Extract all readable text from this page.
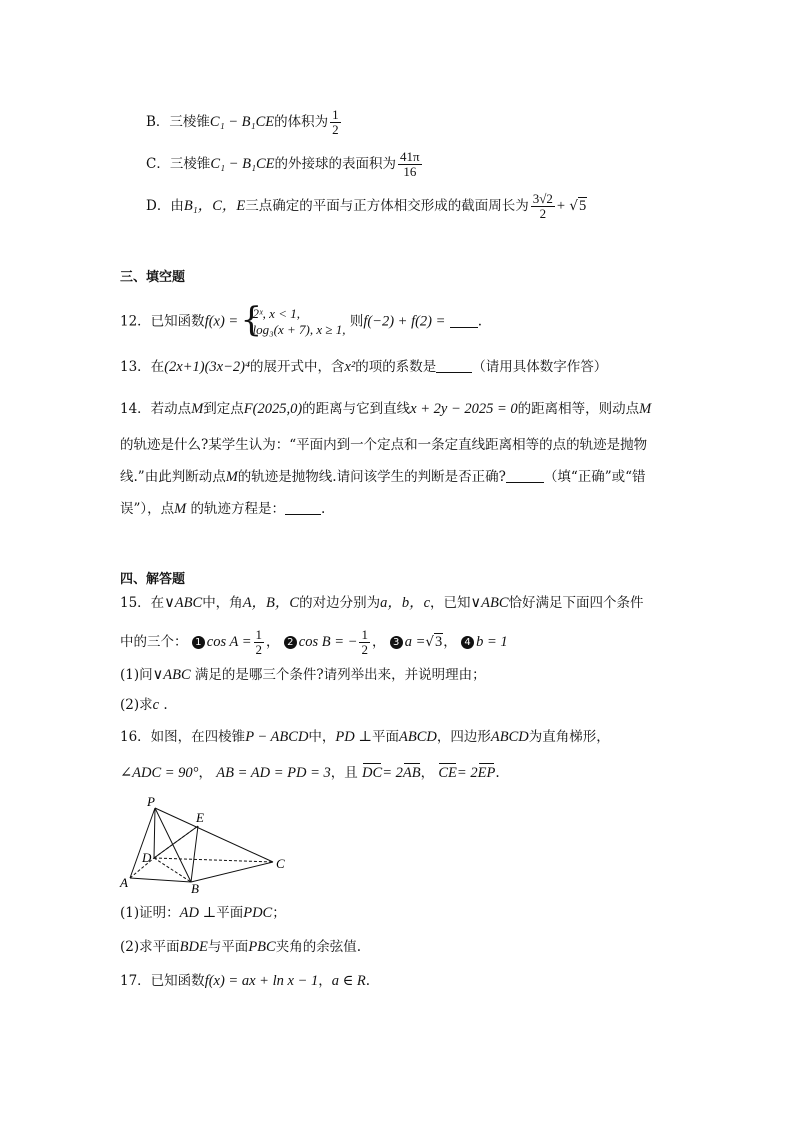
B．三棱锥C₁ − B₁CE的体积为 $\frac{1}{2}$
C．三棱锥C₁ − B₁CE的外接球的表面积为 $\frac{41\pi}{16}$
D．由B₁，C，E三点确定的平面与正方体相交形成的截面周长为 $\frac{3√2}{2} + √5$
三、填空题
12．已知函数f(x) =
{ 2ˣ, x < 1,
log₃(x + 7), x ≥ 1, 则f(−2) + f(2) = .
13．在(2x+1)(3x−2)⁴的展开式中，含x²的项的系数是	（请用具体数字作答）
14．若动点M到定点F(2025,0)的距离与它到直线x + 2y − 2025 = 0的距离相等，则动点M
的轨迹是什么?某学生认为：“平面内到一个定点和一条定直线距离相等的点的轨迹是抛物
线.”由此判断动点M的轨迹是抛物线.请问该学生的判断是否正确?	（填“正确”或“错
误”），点M 的轨迹方程是：	.
四、解答题
15．在∨ABC中，角A，B，C的对边分别为a，b，c，已知∨ABC恰好满足下面四个条件
中的三个： 1 $\cos A = \frac{1}{2}$ ， 2 cos B = − $\frac{1}{2}$ ， 3 a =√3， 4 b = 1
(1)问∨ABC 满足的是哪三个条件?请列举出来，并说明理由；
(2)求c .
16．如图，在四棱锥P − ABCD中，PD ⊥平面ABCD，四边形ABCD为直角梯形，
∠ADC = 90°， AB = AD = PD = 3，且 DC= 2AB， CE= 2EP.
P
E
D	C
A	B
(1)证明：AD ⊥平面PDC；
(2)求平面BDE与平面PBC夹角的余弦值.
17．已知函数f(x) = ax + ln x − 1，a ∈ R.
